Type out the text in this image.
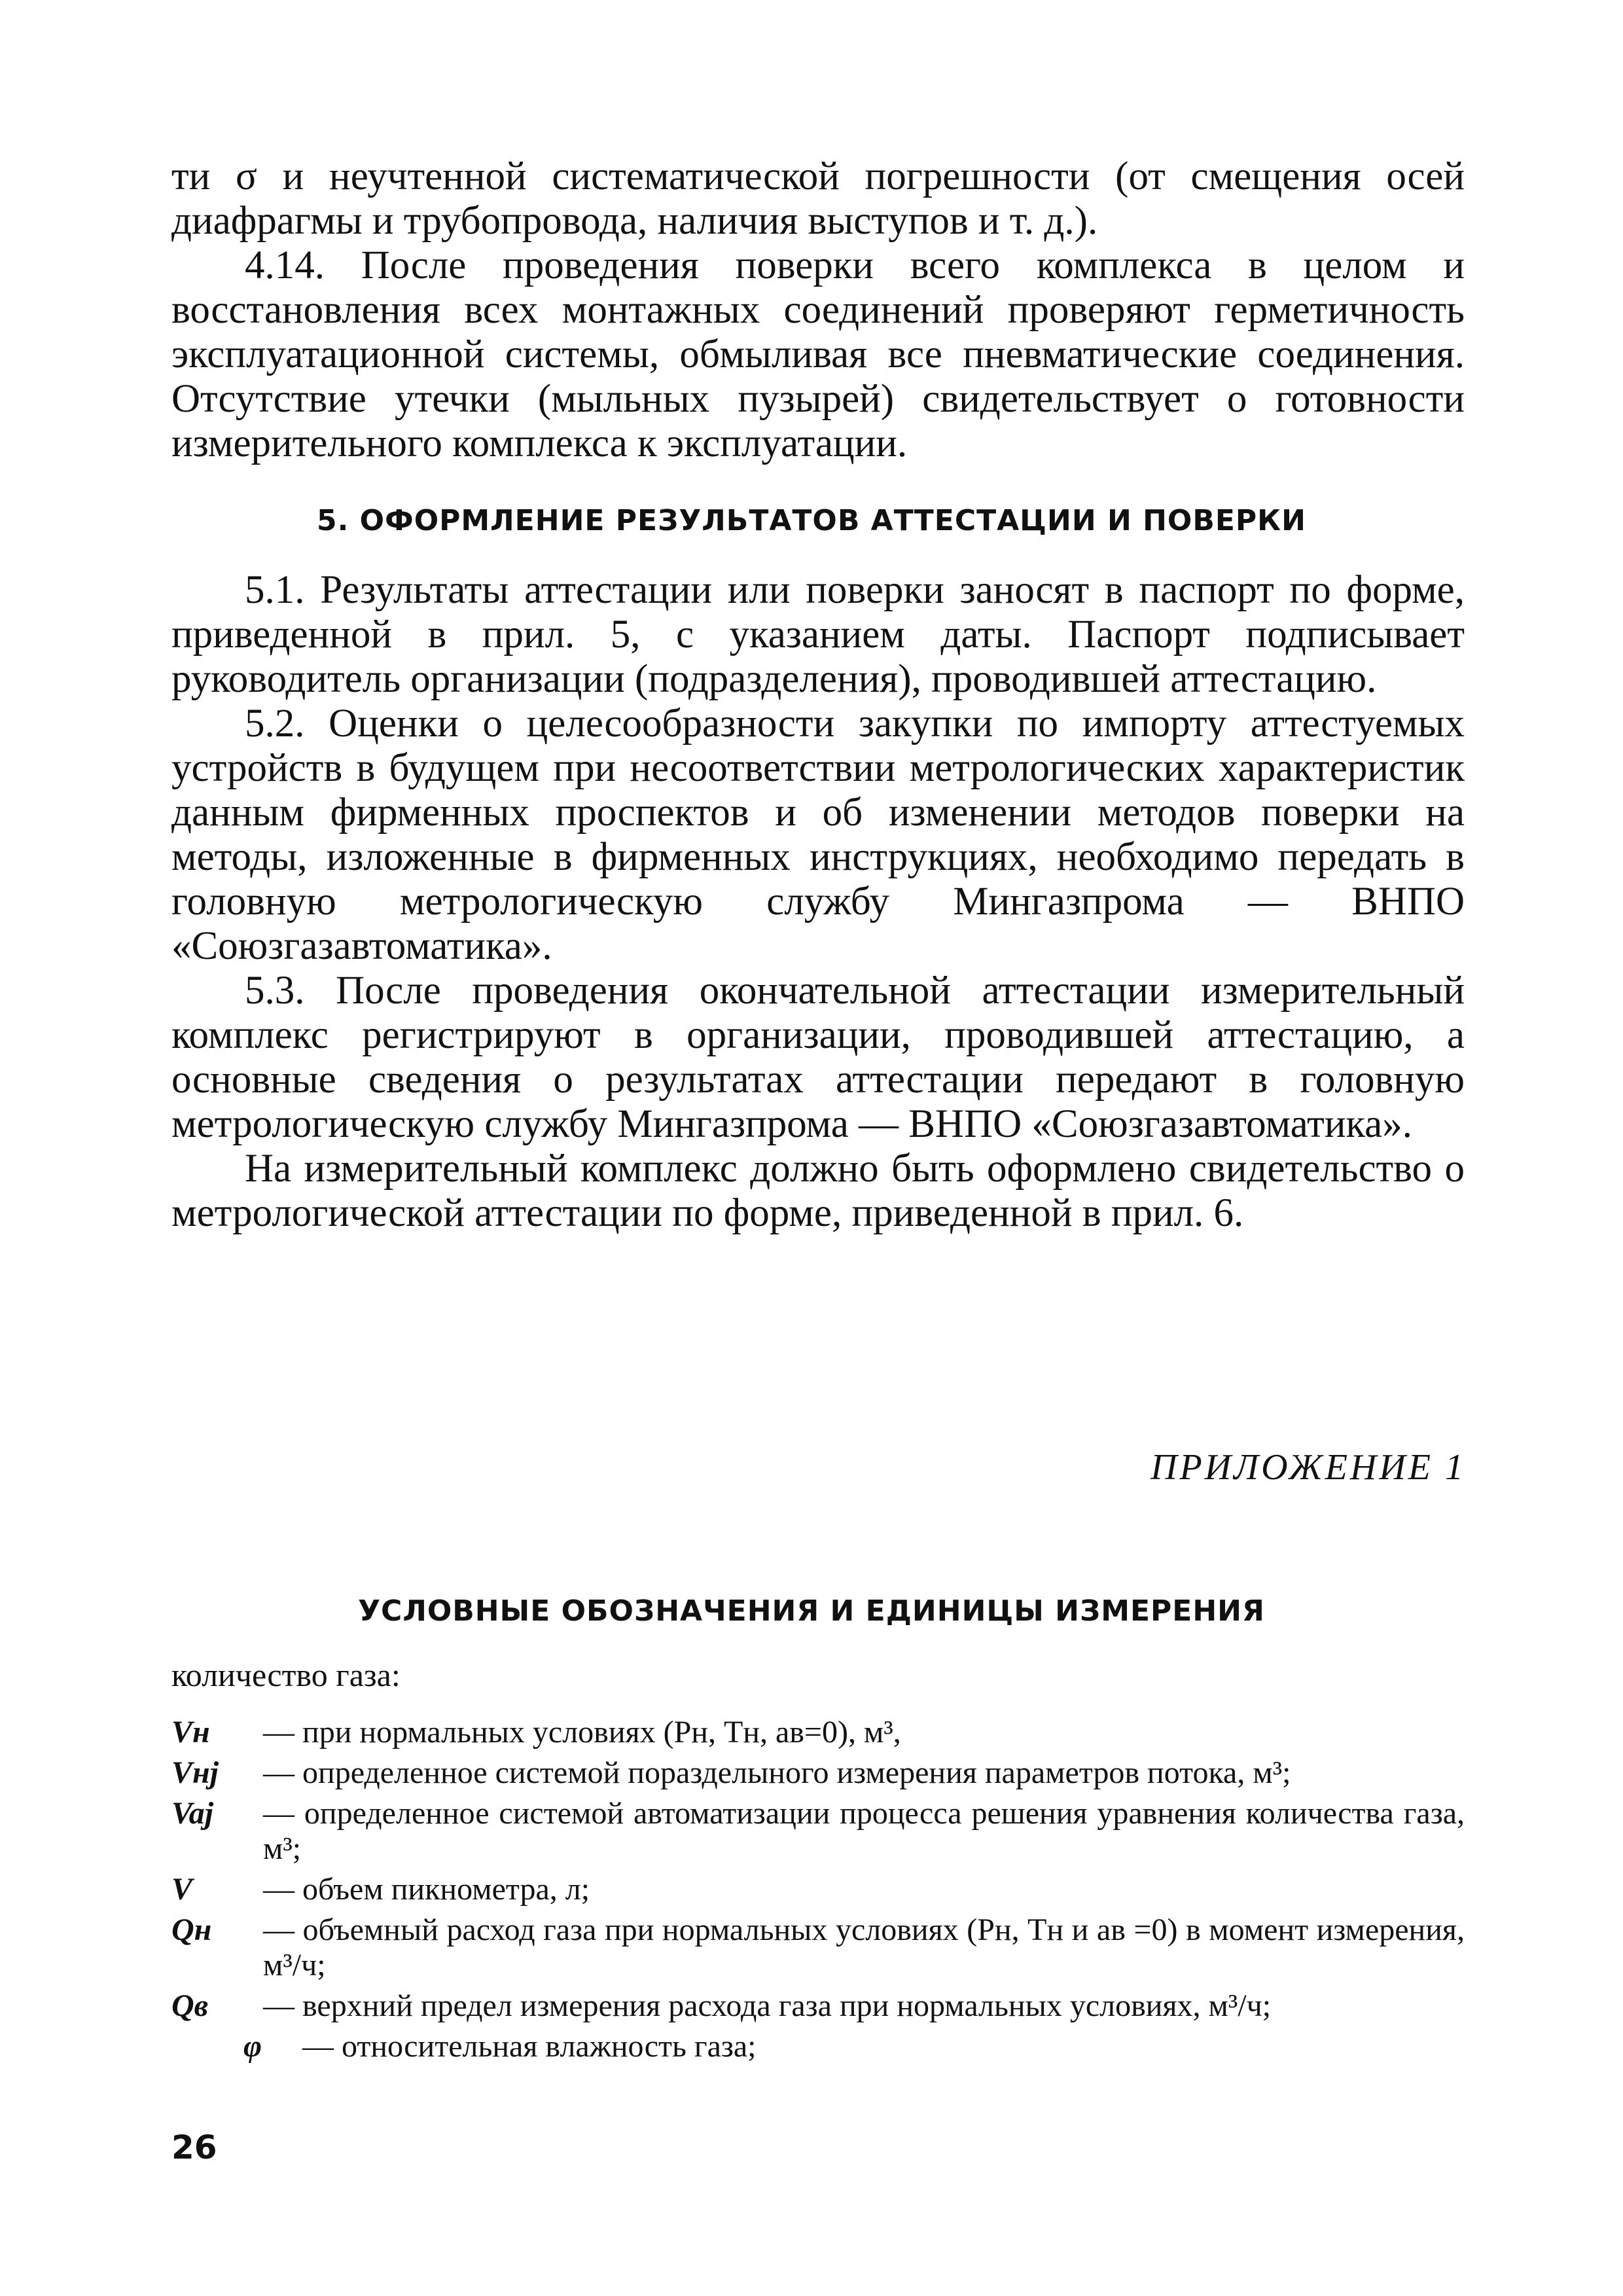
ти σ и неучтенной систематической погрешности (от смещения осей диафрагмы и трубопровода, наличия выступов и т. д.).

4.14. После проведения поверки всего комплекса в целом и восстановления всех монтажных соединений проверяют герметичность эксплуатационной системы, обмыливая все пневматические соединения. Отсутствие утечки (мыльных пузырей) свидетельствует о готовности измерительного комплекса к эксплуатации.

5. ОФОРМЛЕНИЕ РЕЗУЛЬТАТОВ АТТЕСТАЦИИ И ПОВЕРКИ

5.1. Результаты аттестации или поверки заносят в паспорт по форме, приведенной в прил. 5, с указанием даты. Паспорт подписывает руководитель организации (подразделения), проводившей аттестацию.

5.2. Оценки о целесообразности закупки по импорту аттестуемых устройств в будущем при несоответствии метрологических характеристик данным фирменных проспектов и об изменении методов поверки на методы, изложенные в фирменных инструкциях, необходимо передать в головную метрологическую службу Мингазпрома — ВНПО «Союзгазавтоматика».

5.3. После проведения окончательной аттестации измерительный комплекс регистрируют в организации, проводившей аттестацию, а основные сведения о результатах аттестации передают в головную метрологическую службу Мингазпрома — ВНПО «Союзгазавтоматика».

На измерительный комплекс должно быть оформлено свидетельство о метрологической аттестации по форме, приведенной в прил. 6.

ПРИЛОЖЕНИЕ 1
УСЛОВНЫЕ ОБОЗНАЧЕНИЯ И ЕДИНИЦЫ ИЗМЕРЕНИЯ
количество газа:
Vн	— при нормальных условиях (Pн, Tн, aв=0), м³,
Vнj	— определенное системой поразделыного измерения параметров потока, м³;
Vaj	— определенное системой автоматизации процесса решения уравнения количества газа, м³;
V	— объем пикнометра, л;
Qн	— объемный расход газа при нормальных условиях (Pн, Tн и aв =0) в момент измерения, м³/ч;
Qв	— верхний предел измерения расхода газа при нормальных условиях, м³/ч;
φ	— относительная влажность газа;
26
